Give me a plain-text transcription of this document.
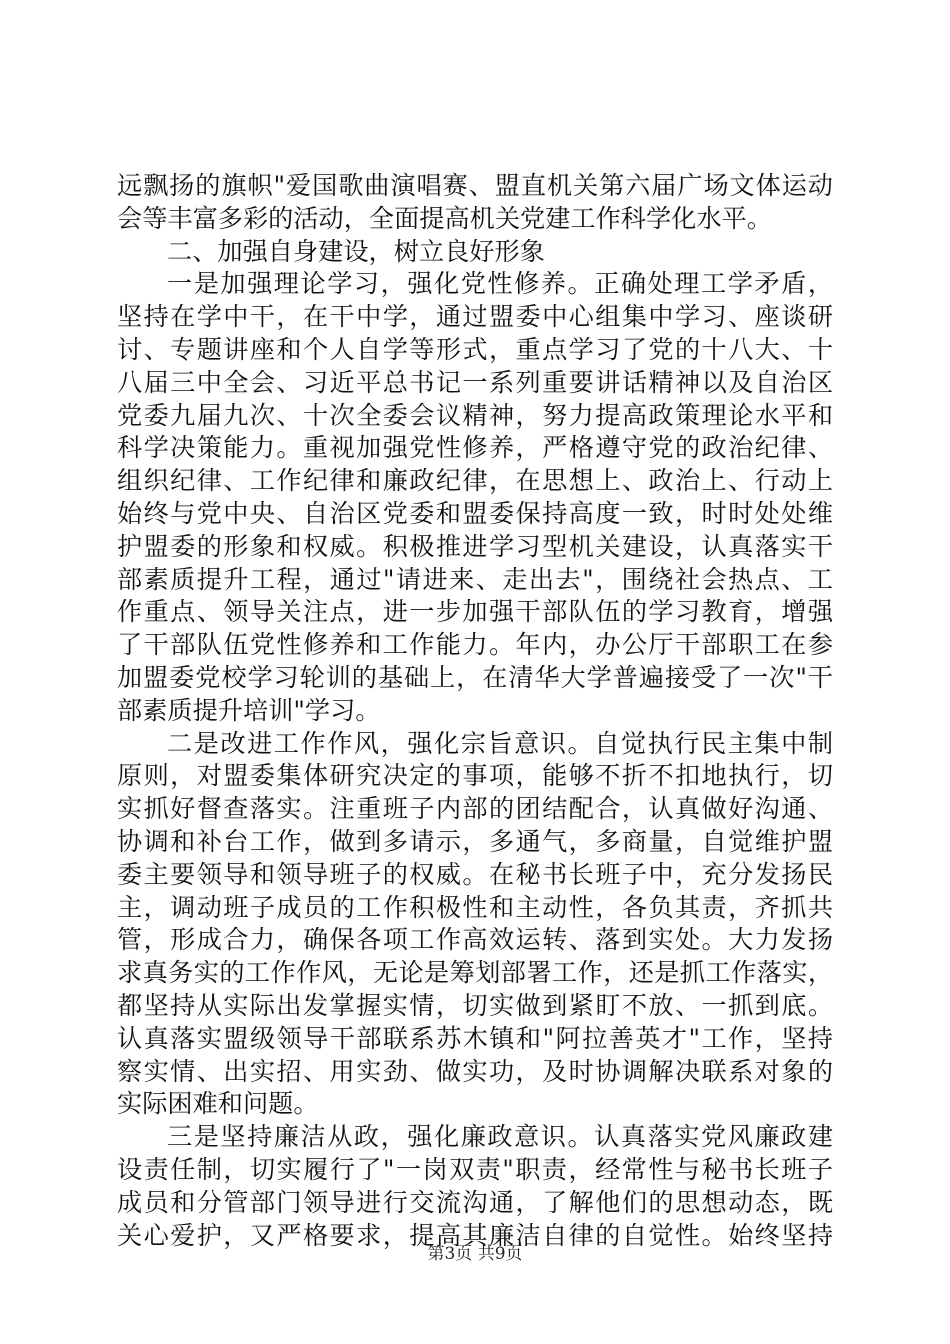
远飘扬的旗帜"爱国歌曲演唱赛、盟直机关第六届广场文体运动
会等丰富多彩的活动，全面提高机关党建工作科学化水平。
二、加强自身建设，树立良好形象
一是加强理论学习，强化党性修养。正确处理工学矛盾，
坚持在学中干，在干中学，通过盟委中心组集中学习、座谈研
讨、专题讲座和个人自学等形式，重点学习了党的十八大、十
八届三中全会、习近平总书记一系列重要讲话精神以及自治区
党委九届九次、十次全委会议精神，努力提高政策理论水平和
科学决策能力。重视加强党性修养，严格遵守党的政治纪律、
组织纪律、工作纪律和廉政纪律，在思想上、政治上、行动上
始终与党中央、自治区党委和盟委保持高度一致，时时处处维
护盟委的形象和权威。积极推进学习型机关建设，认真落实干
部素质提升工程，通过"请进来、走出去"，围绕社会热点、工
作重点、领导关注点，进一步加强干部队伍的学习教育，增强
了干部队伍党性修养和工作能力。年内，办公厅干部职工在参
加盟委党校学习轮训的基础上，在清华大学普遍接受了一次"干
部素质提升培训"学习。
二是改进工作作风，强化宗旨意识。自觉执行民主集中制
原则，对盟委集体研究决定的事项，能够不折不扣地执行，切
实抓好督查落实。注重班子内部的团结配合，认真做好沟通、
协调和补台工作，做到多请示，多通气，多商量，自觉维护盟
委主要领导和领导班子的权威。在秘书长班子中，充分发扬民
主，调动班子成员的工作积极性和主动性，各负其责，齐抓共
管，形成合力，确保各项工作高效运转、落到实处。大力发扬
求真务实的工作作风，无论是筹划部署工作，还是抓工作落实，
都坚持从实际出发掌握实情，切实做到紧盯不放、一抓到底。
认真落实盟级领导干部联系苏木镇和"阿拉善英才"工作，坚持
察实情、出实招、用实劲、做实功，及时协调解决联系对象的
实际困难和问题。
三是坚持廉洁从政，强化廉政意识。认真落实党风廉政建
设责任制，切实履行了"一岗双责"职责，经常性与秘书长班子
成员和分管部门领导进行交流沟通，了解他们的思想动态，既
关心爱护，又严格要求，提高其廉洁自律的自觉性。始终坚持
第3页 共9页
